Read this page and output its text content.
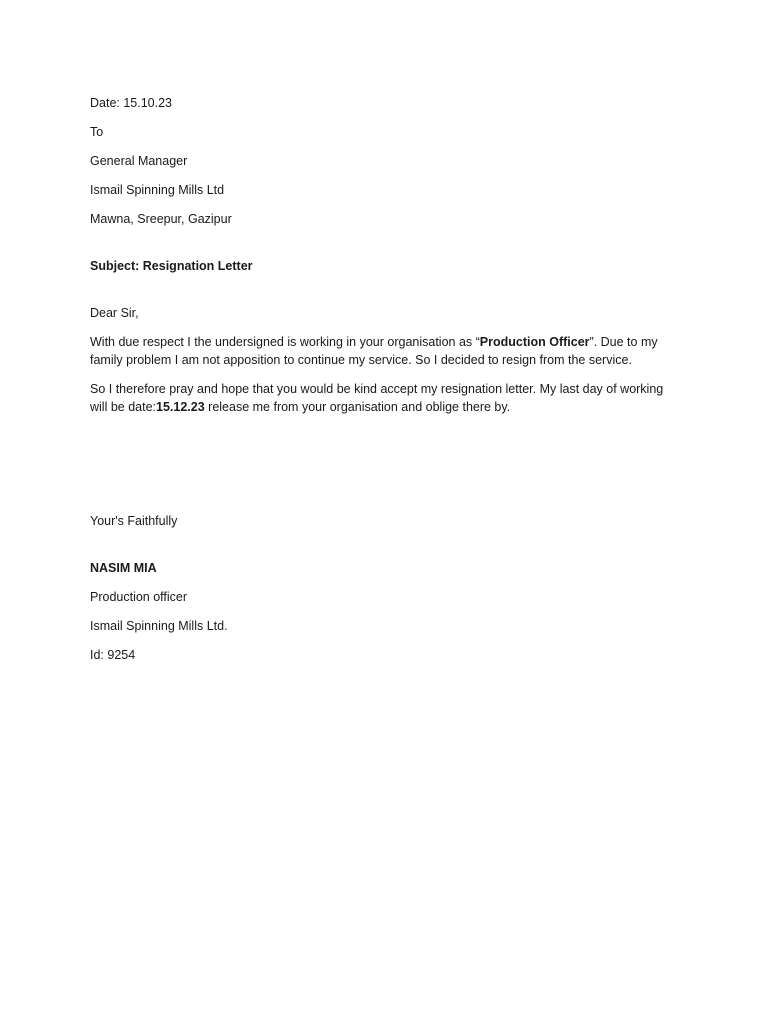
Date: 15.10.23
To
General Manager
Ismail Spinning Mills Ltd
Mawna, Sreepur, Gazipur
Subject: Resignation Letter
Dear Sir,
With due respect I the undersigned is working in your organisation as “Production Officer”. Due to my family problem I am not apposition to continue my service. So I decided to resign from the service.
So I therefore pray and hope that you would be kind accept my resignation letter. My last day of working will be date:15.12.23 release me from your organisation and oblige there by.
Your's Faithfully
NASIM MIA
Production officer
Ismail Spinning Mills Ltd.
Id: 9254
